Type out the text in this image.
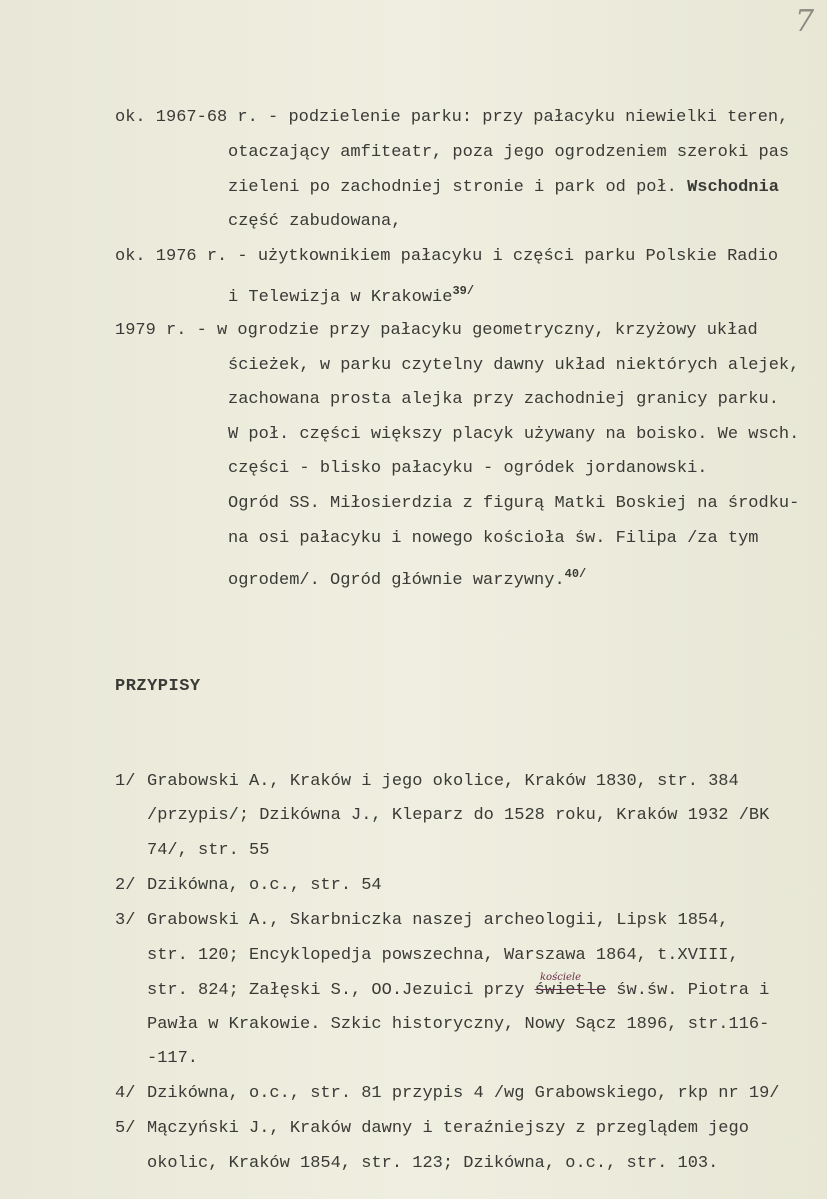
7
ok. 1967-68 r. - podzielenie parku: przy pałacyku niewielki teren,
otaczający amfiteatr, poza jego ogrodzeniem szeroki pas
zieleni po zachodniej stronie i park od poł. Wschodnia
część zabudowana,
ok. 1976 r. - użytkownikiem pałacyku i części parku Polskie Radio
i Telewizja w Krakowie$^{39/}$
1979 r. - w ogrodzie przy pałacyku geometryczny, krzyżowy układ
ścieżek, w parku czytelny dawny układ niektórych alejek,
zachowana prosta alejka przy zachodniej granicy parku.
W poł. części większy placyk używany na boisko. We wsch.
części - blisko pałacyku - ogródek jordanowski.
Ogród SS. Miłosierdzia z figurą Matki Boskiej na środku-
na osi pałacyku i nowego kościoła św. Filipa /za tym
ogrodem/. Ogród głównie warzywny.$^{40/}$
PRZYPISY
1/ Grabowski A., Kraków i jego okolice, Kraków 1830, str. 384
/przypis/; Dzikówna J., Kleparz do 1528 roku, Kraków 1932 /BK
74/, str. 55
2/ Dzikówna, o.c., str. 54
3/ Grabowski A., Skarbniczka naszej archeologii, Lipsk 1854,
str. 120; Encyklopedja powszechna, Warszawa 1864, t.XVIII,
kościele
str. 824; Załęski S., OO.Jezuici przy świetle św.św. Piotra i
Pawła w Krakowie. Szkic historyczny, Nowy Sącz 1896, str.116-
-117.
4/ Dzikówna, o.c., str. 81 przypis 4 /wg Grabowskiego, rkp nr 19/
5/ Mączyński J., Kraków dawny i teraźniejszy z przeglądem jego
okolic, Kraków 1854, str. 123; Dzikówna, o.c., str. 103.
